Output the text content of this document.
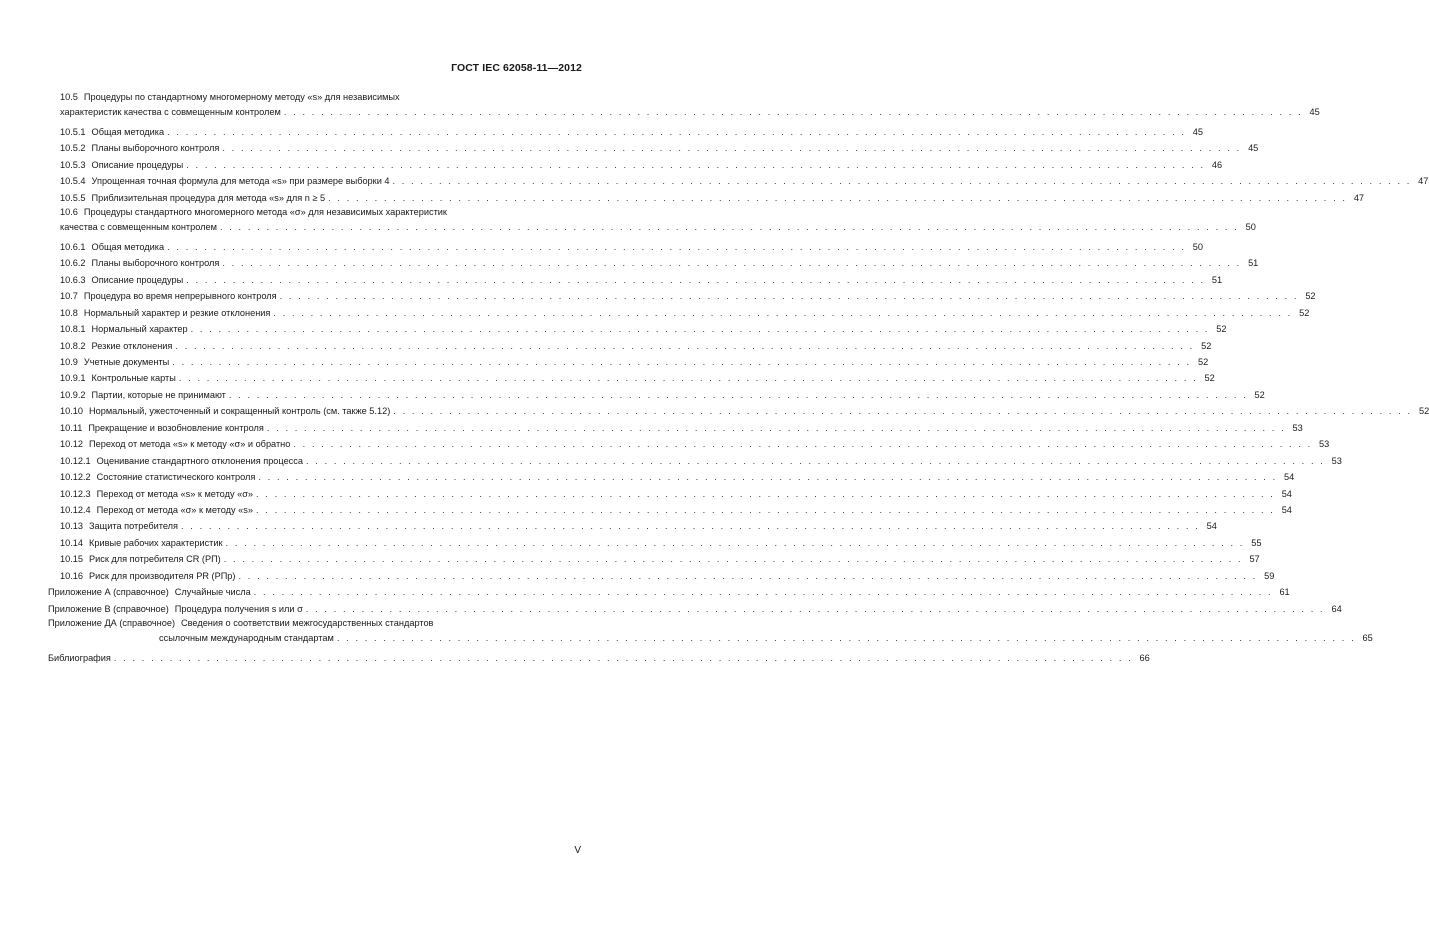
ГОСТ IEC 62058-11—2012
10.5 Процедуры по стандартному многомерному методу «s» для независимых
характеристик качества с совмещенным контролем . . .	45
10.5.1 Общая методика . . .	45
10.5.2 Планы выборочного контроля . . .	45
10.5.3 Описание процедуры . . .	46
10.5.4 Упрощенная точная формула для метода «s» при размере выборки 4 . . .	47
10.5.5 Приблизительная процедура для метода «s» для n ≥ 5 . . .	47
10.6 Процедуры стандартного многомерного метода «σ» для независимых характеристик
качества с совмещенным контролем . . .	50
10.6.1 Общая методика . . .	50
10.6.2 Планы выборочного контроля . . .	51
10.6.3 Описание процедуры . . .	51
10.7 Процедура во время непрерывного контроля . . .	52
10.8 Нормальный характер и резкие отклонения . . .	52
10.8.1 Нормальный характер . . .	52
10.8.2 Резкие отклонения . . .	52
10.9 Учетные документы . . .	52
10.9.1 Контрольные карты . . .	52
10.9.2 Партии, которые не принимают . . .	52
10.10 Нормальный, ужесточенный и сокращенный контроль (см. также 5.12) . . .	52
10.11 Прекращение и возобновление контроля . . .	53
10.12 Переход от метода «s» к методу «σ» и обратно . . .	53
10.12.1 Оценивание стандартного отклонения процесса . . .	53
10.12.2 Состояние статистического контроля . . .	54
10.12.3 Переход от метода «s» к методу «σ» . . .	54
10.12.4 Переход от метода «σ» к методу «s» . . .	54
10.13 Защита потребителя . . .	54
10.14 Кривые рабочих характеристик . . .	55
10.15 Риск для потребителя CR (РП) . . .	57
10.16 Риск для производителя PR (РПр) . . .	59
Приложение А (справочное) Случайные числа . . .	61
Приложение В (справочное) Процедура получения s или σ . . .	64
Приложение ДА (справочное) Сведения о соответствии межгосударственных стандартов
ссылочным международным стандартам . . .	65
Библиография . . .	66
V
